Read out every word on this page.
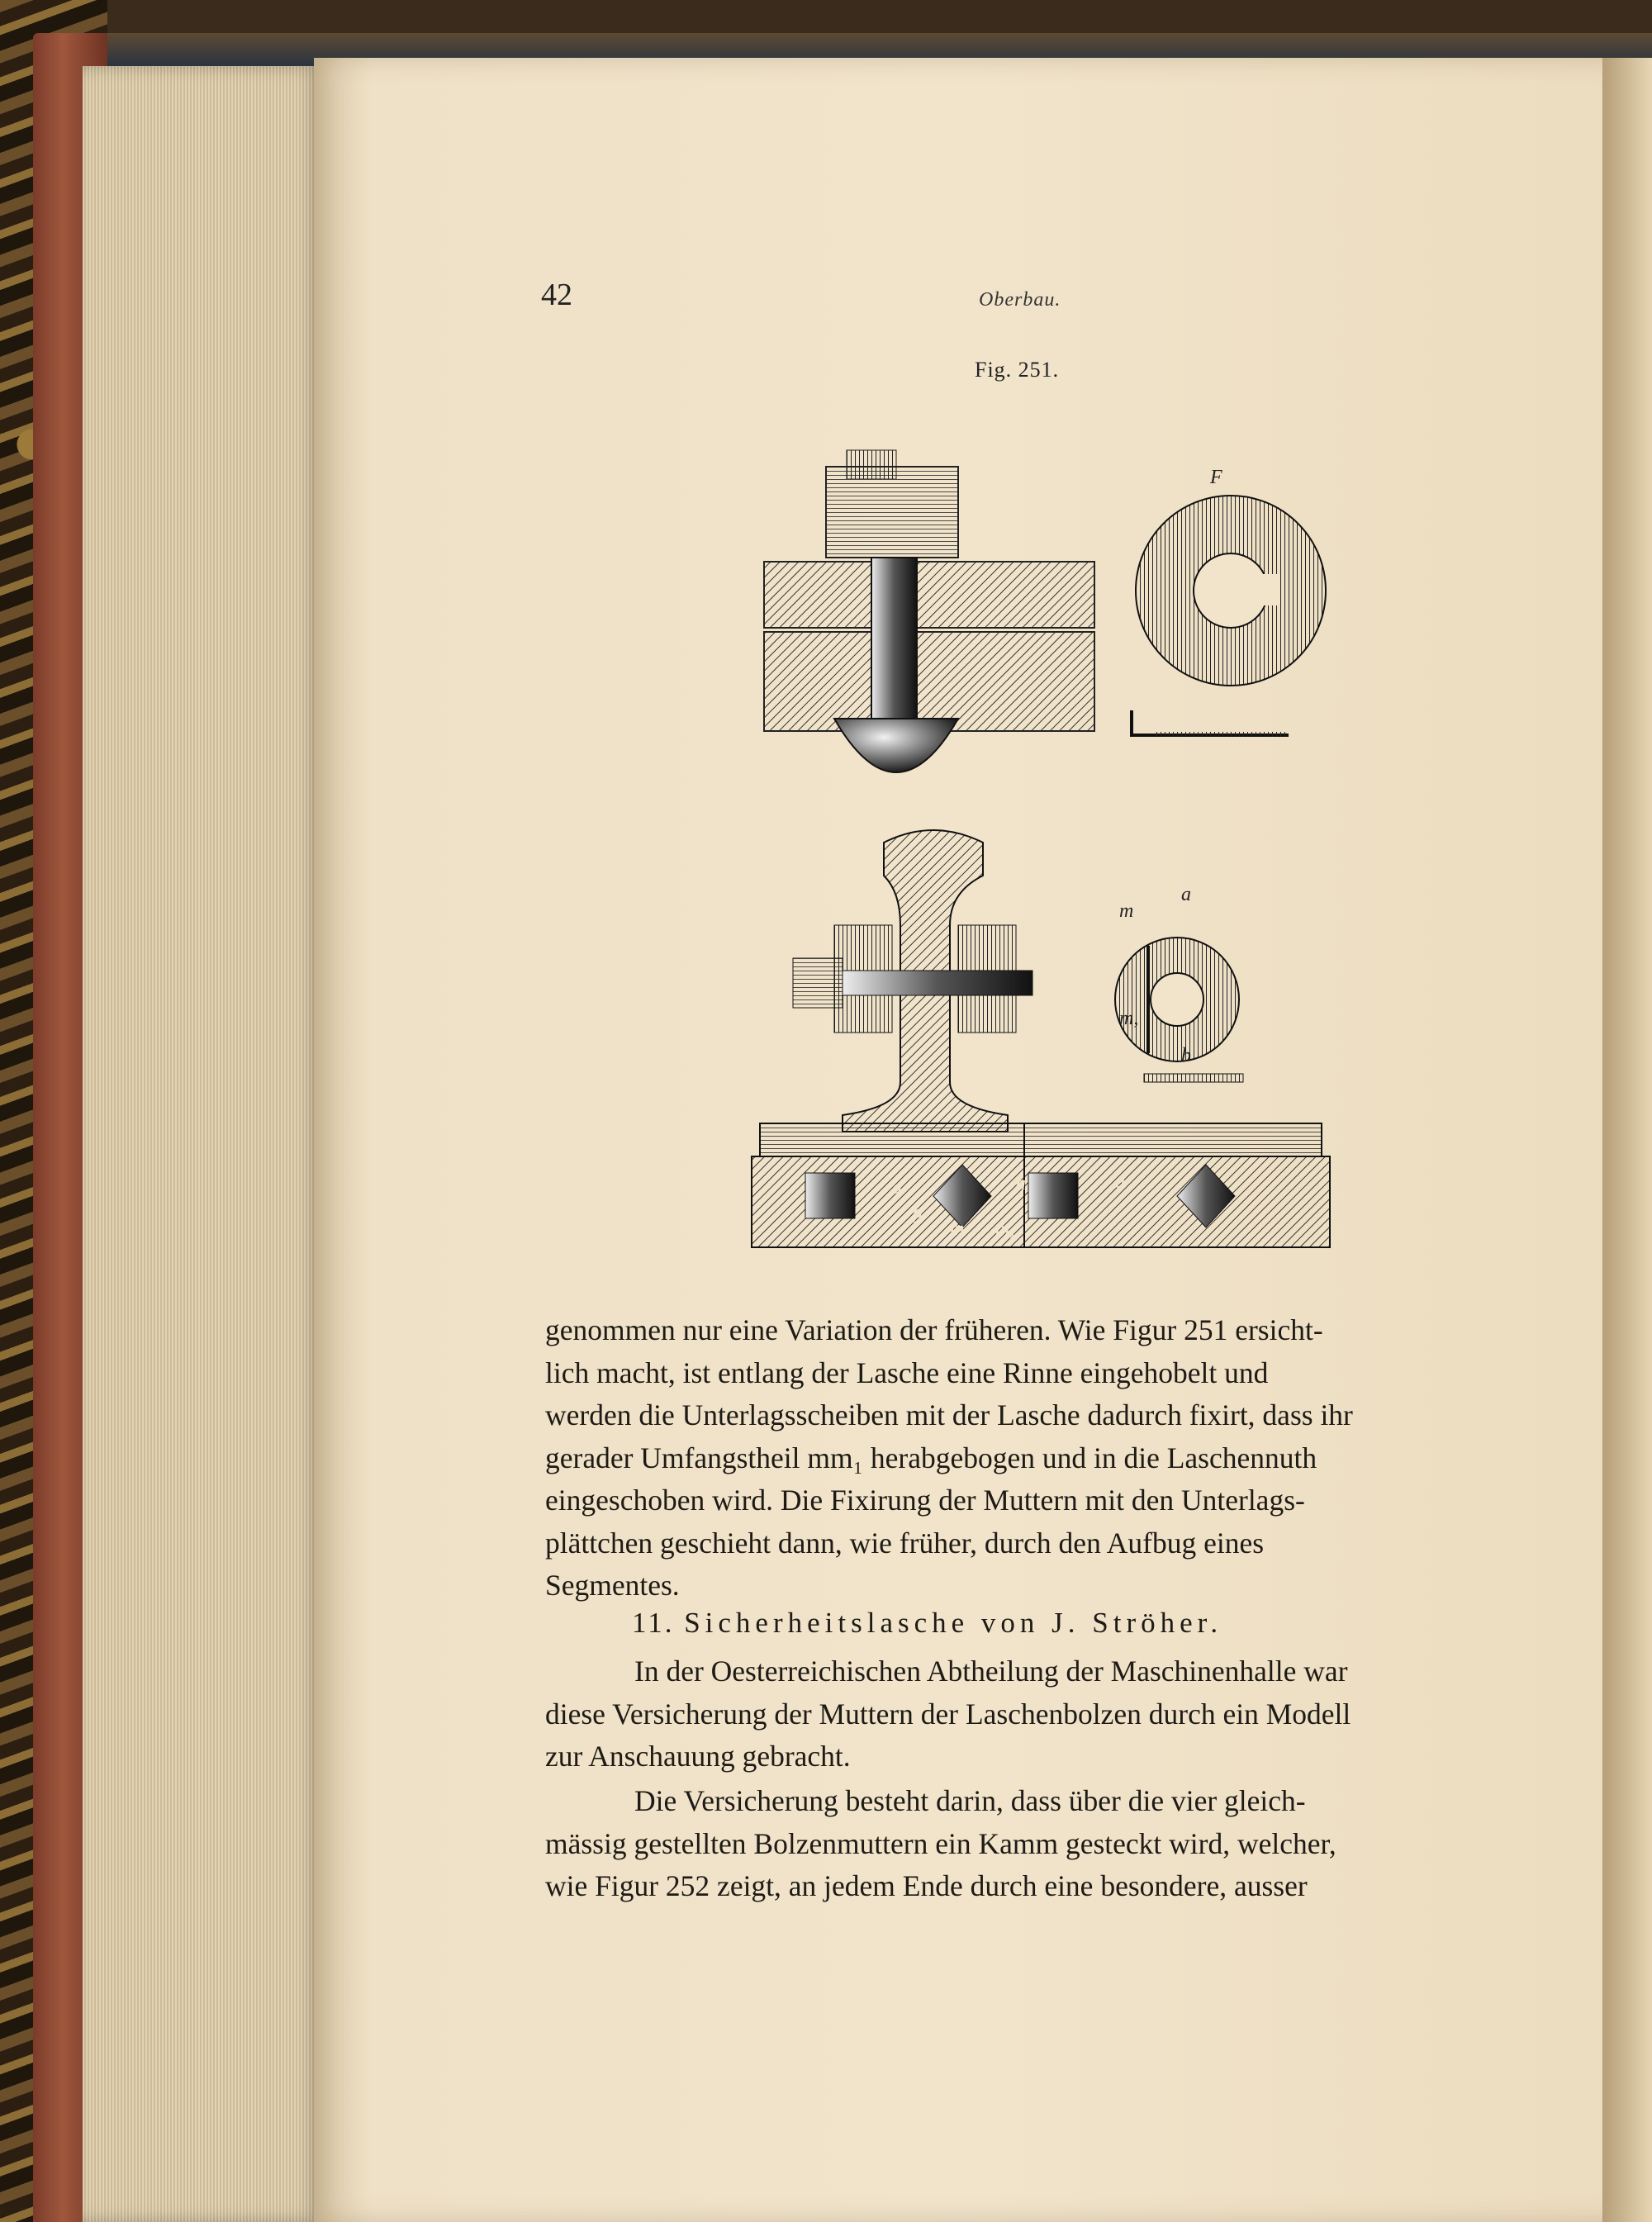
42	Oberbau.
Fig. 251.
F
K
a
m
m,
b
a	a	a
g
m m,

genommen nur eine Variation der früheren. Wie Figur 251 ersicht-

lich macht, ist entlang der Lasche eine Rinne eingehobelt und

werden die Unterlagsscheiben mit der Lasche dadurch fixirt, dass ihr

gerader Umfangstheil mm₁ herabgebogen und in die Laschennuth

eingeschoben wird. Die Fixirung der Muttern mit den Unterlags-

plättchen geschieht dann, wie früher, durch den Aufbug eines

Segmentes.

11. Sicherheitslasche von J. Ströher.

In der Oesterreichischen Abtheilung der Maschinenhalle war

diese Versicherung der Muttern der Laschenbolzen durch ein Modell

zur Anschauung gebracht.

Die Versicherung besteht darin, dass über die vier gleich-

mässig gestellten Bolzenmuttern ein Kamm gesteckt wird, welcher,

wie Figur 252 zeigt, an jedem Ende durch eine besondere, ausser
